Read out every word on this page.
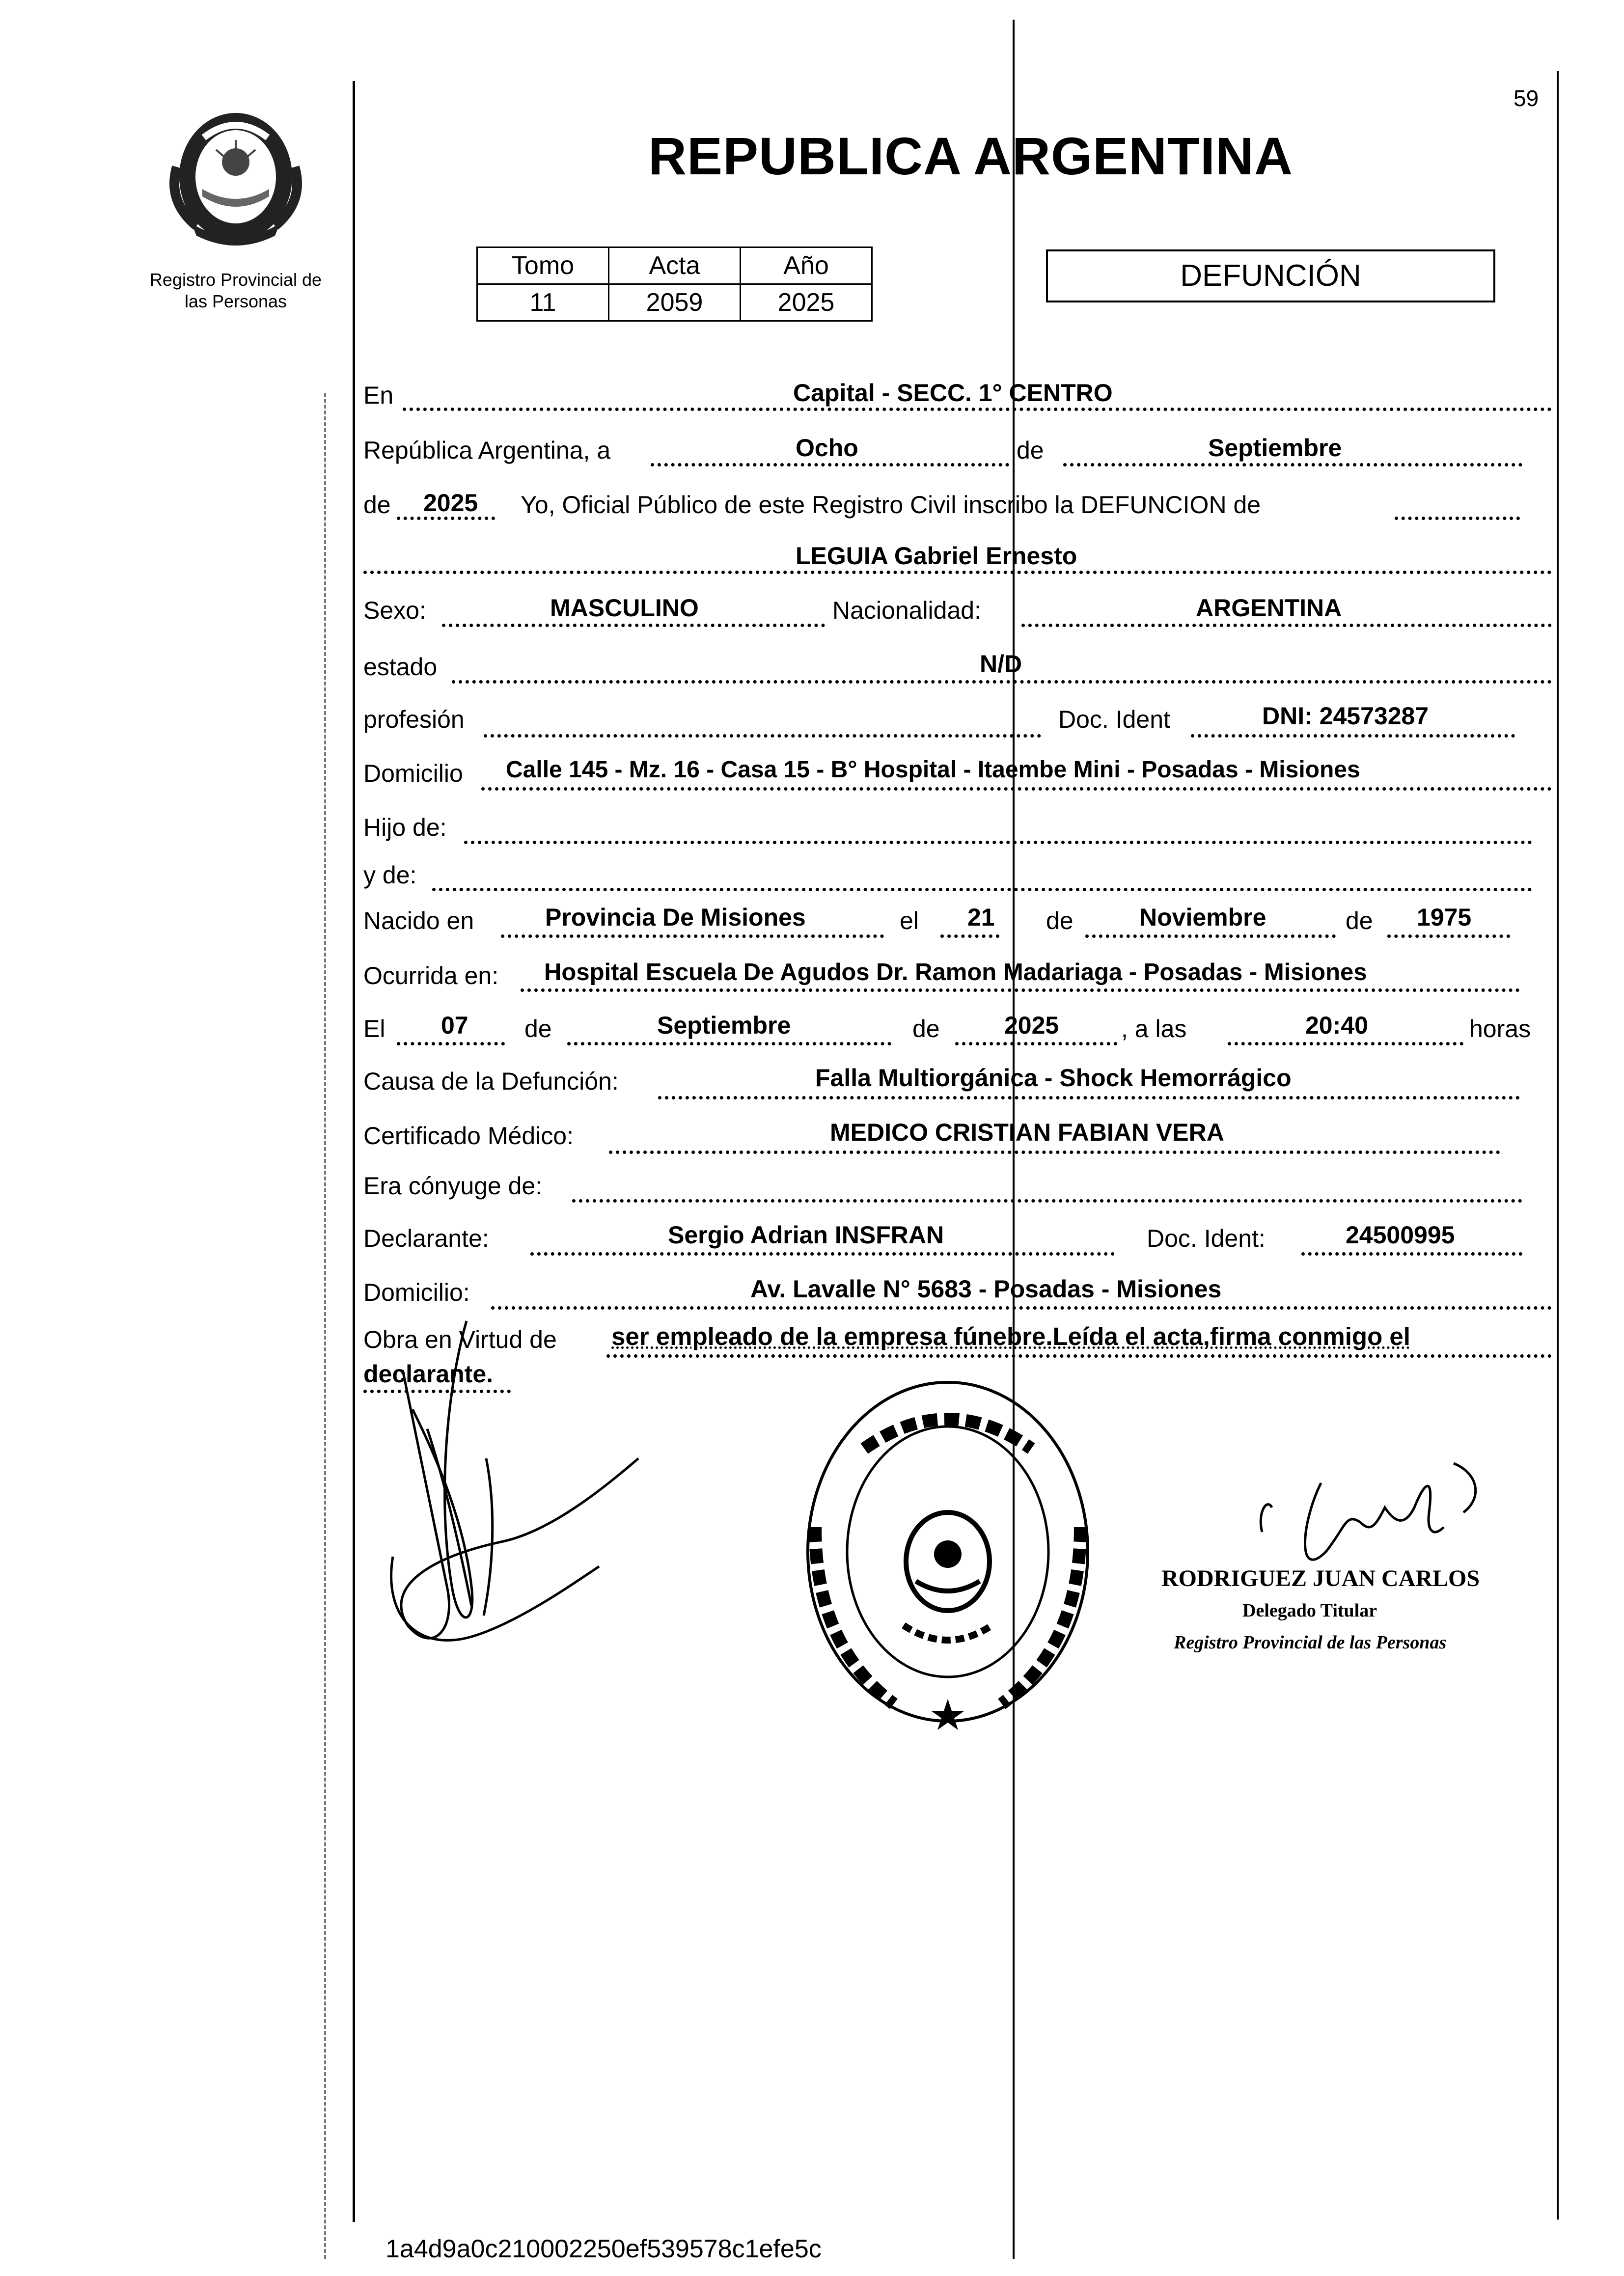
59
Registro Provincial de
las Personas
REPUBLICA ARGENTINA
Tomo	Acta	Año
11	2059	2025
DEFUNCIÓN
En	Capital - SECC. 1° CENTRO
República Argentina, a	Ocho	de	Septiembre
de 2025 Yo, Oficial Público de este Registro Civil inscribo la DEFUNCION de
LEGUIA Gabriel Ernesto
Sexo:	MASCULINO	Nacionalidad:	ARGENTINA
estado	N/D
profesión	Doc. Ident	DNI: 24573287
Domicilio Calle 145 - Mz. 16 - Casa 15 - B° Hospital - Itaembe Mini - Posadas - Misiones
Hijo de:
y de:
Nacido en	Provincia De Misiones	el 21 de	Noviembre	de 1975
Ocurrida en: Hospital Escuela De Agudos Dr. Ramon Madariaga - Posadas - Misiones
El 07 de	Septiembre	de	2025	, a las	20:40	horas
Causa de la Defunción:	Falla Multiorgánica - Shock Hemorrágico
Certificado Médico:	MEDICO CRISTIAN FABIAN VERA
Era cónyuge de:
Declarante:	Sergio Adrian INSFRAN	Doc. Ident:	24500995
Domicilio:	Av. Lavalle N° 5683 - Posadas - Misiones
Obra en Virtud de ser empleado de la empresa fúnebre.Leída el acta,firma conmigo el
declarante.
RODRIGUEZ JUAN CARLOS
Delegado Titular
Registro Provincial de las Personas
1a4d9a0c210002250ef539578c1efe5c
